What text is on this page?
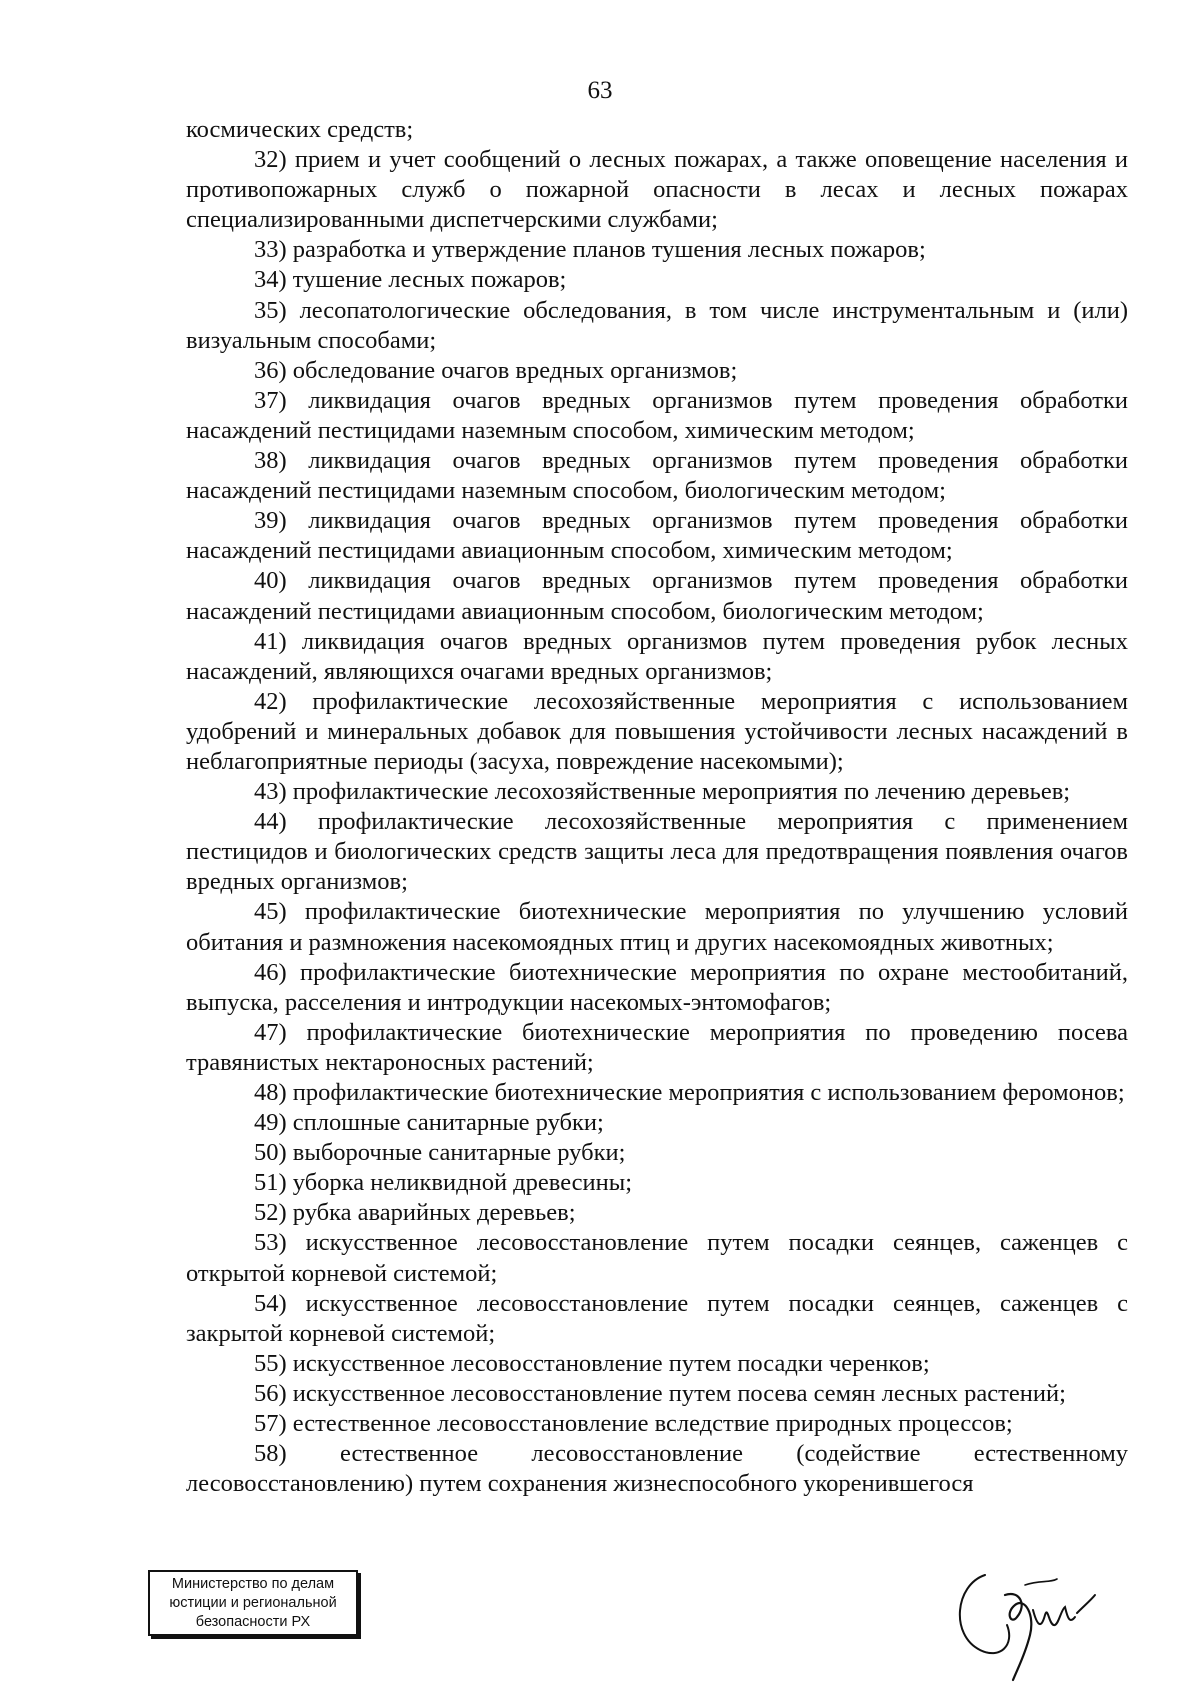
63

космических средств;

32) прием и учет сообщений о лесных пожарах, а также оповещение населения и противопожарных служб о пожарной опасности в лесах и лесных пожарах специализированными диспетчерскими службами;

33) разработка и утверждение планов тушения лесных пожаров;

34) тушение лесных пожаров;

35) лесопатологические обследования, в том числе инструментальным и (или) визуальным способами;

36) обследование очагов вредных организмов;

37) ликвидация очагов вредных организмов путем проведения обработки насаждений пестицидами наземным способом, химическим методом;

38) ликвидация очагов вредных организмов путем проведения обработки насаждений пестицидами наземным способом, биологическим методом;

39) ликвидация очагов вредных организмов путем проведения обработки насаждений пестицидами авиационным способом, химическим методом;

40) ликвидация очагов вредных организмов путем проведения обработки насаждений пестицидами авиационным способом, биологическим методом;

41) ликвидация очагов вредных организмов путем проведения рубок лесных насаждений, являющихся очагами вредных организмов;

42) профилактические лесохозяйственные мероприятия с использованием удобрений и минеральных добавок для повышения устойчивости лесных насаждений в неблагоприятные периоды (засуха, повреждение насекомыми);

43) профилактические лесохозяйственные мероприятия по лечению деревьев;

44) профилактические лесохозяйственные мероприятия с применением пестицидов и биологических средств защиты леса для предотвращения появления очагов вредных организмов;

45) профилактические биотехнические мероприятия по улучшению условий обитания и размножения насекомоядных птиц и других насекомоядных животных;

46) профилактические биотехнические мероприятия по охране местообитаний, выпуска, расселения и интродукции насекомых-энтомофагов;

47) профилактические биотехнические мероприятия по проведению посева травянистых нектароносных растений;

48) профилактические биотехнические мероприятия с использованием феромонов;

49) сплошные санитарные рубки;

50) выборочные санитарные рубки;

51) уборка неликвидной древесины;

52) рубка аварийных деревьев;

53) искусственное лесовосстановление путем посадки сеянцев, саженцев с открытой корневой системой;

54) искусственное лесовосстановление путем посадки сеянцев, саженцев с закрытой корневой системой;

55) искусственное лесовосстановление путем посадки черенков;

56) искусственное лесовосстановление путем посева семян лесных растений;

57) естественное лесовосстановление вследствие природных процессов;

58) естественное лесовосстановление (содействие естественному лесовосстановлению) путем сохранения жизнеспособного укоренившегося

Министерство по делам
юстиции и региональной
безопасности РХ
